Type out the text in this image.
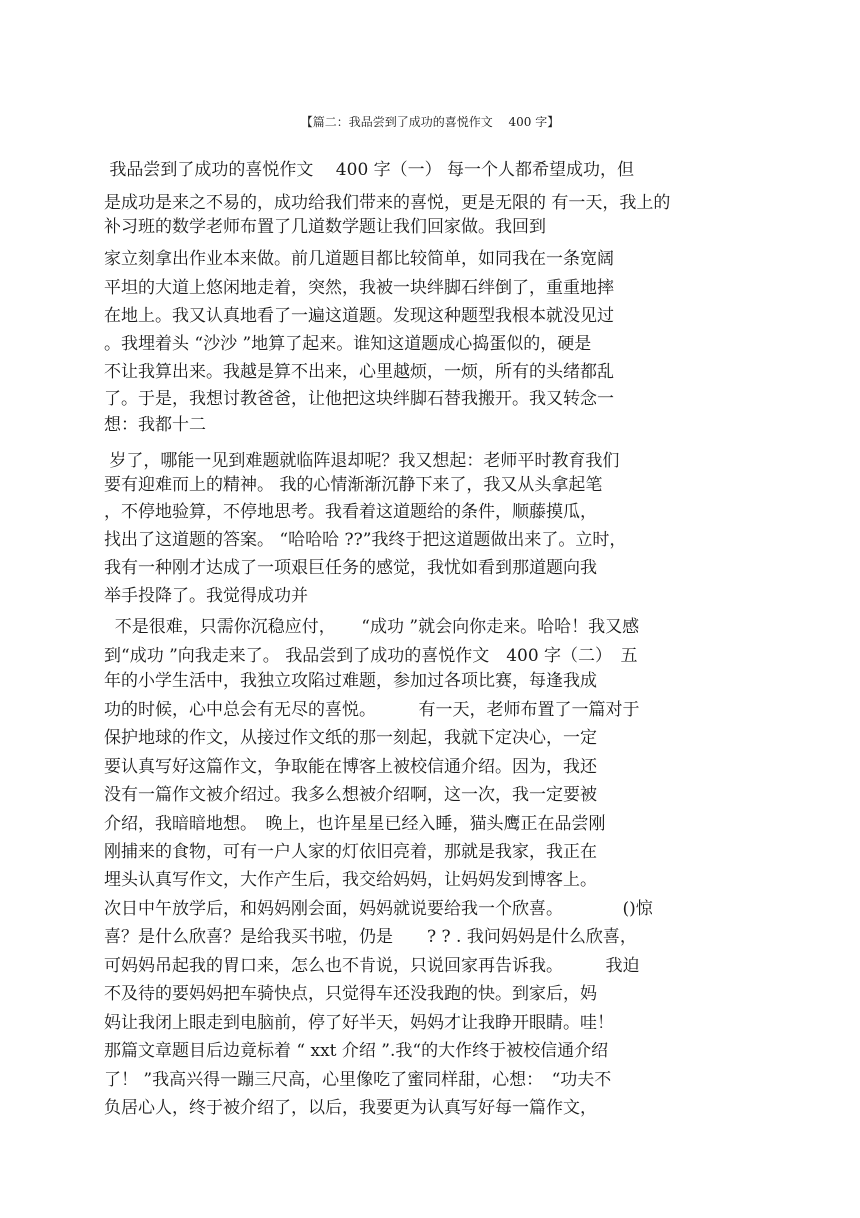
【篇二：我品尝到了成功的喜悦作文　 400 字】
我品尝到了成功的喜悦作文　 400 字（一） 每一个人都希望成功，但
是成功是来之不易的，成功给我们带来的喜悦，更是无限的 有一天，我上的
补习班的数学老师布置了几道数学题让我们回家做。我回到
家立刻拿出作业本来做。前几道题目都比较简单，如同我在一条宽阔
平坦的大道上悠闲地走着，突然，我被一块绊脚石绊倒了，重重地摔
在地上。我又认真地看了一遍这道题。发现这种题型我根本就没见过
。我埋着头 “沙沙 ”地算了起来。谁知这道题成心捣蛋似的，硬是
不让我算出来。我越是算不出来，心里越烦，一烦，所有的头绪都乱
了。于是，我想讨教爸爸，让他把这块绊脚石替我搬开。我又转念一
想：我都十二
岁了，哪能一见到难题就临阵退却呢？我又想起：老师平时教育我们
要有迎难而上的精神。 我的心情渐渐沉静下来了，我又从头拿起笔
，不停地验算，不停地思考。我看着这道题给的条件，顺藤摸瓜，
找出了这道题的答案。 “哈哈哈 ??”我终于把这道题做出来了。立时，
我有一种刚才达成了一项艰巨任务的感觉，我忧如看到那道题向我
举手投降了。我觉得成功并
不是很难，只需你沉稳应付，　　“成功 ”就会向你走来。哈哈！我又感
到“成功 ”向我走来了。 我品尝到了成功的喜悦作文　400 字（二）　五
年的小学生活中，我独立攻陷过难题，参加过各项比赛，每逢我成
功的时候，心中总会有无尽的喜悦。　　　有一天，老师布置了一篇对于
保护地球的作文，从接过作文纸的那一刻起，我就下定决心，一定
要认真写好这篇作文，争取能在博客上被校信通介绍。因为，我还
没有一篇作文被介绍过。我多么想被介绍啊，这一次，我一定要被
介绍，我暗暗地想。　晚上，也许星星已经入睡，猫头鹰正在品尝刚
刚捕来的食物，可有一户人家的灯依旧亮着，那就是我家，我正在
埋头认真写作文，大作产生后，我交给妈妈，让妈妈发到博客上。
次日中午放学后，和妈妈刚会面，妈妈就说要给我一个欣喜。　　　　()惊
喜？是什么欣喜？是给我买书啦，仍是　　? ? . 我问妈妈是什么欣喜，
可妈妈吊起我的胃口来，怎么也不肯说，只说回家再告诉我。　　　我迫
不及待的要妈妈把车骑快点，只觉得车还没我跑的快。到家后，妈
妈让我闭上眼走到电脑前，停了好半天，妈妈才让我睁开眼睛。哇！
那篇文章题目后边竟标着 “ xxt 介绍 ”.我“的大作终于被校信通介绍
了！ ”我高兴得一蹦三尺高，心里像吃了蜜同样甜，心想：　“功夫不
负居心人，终于被介绍了，以后，我要更为认真写好每一篇作文，
